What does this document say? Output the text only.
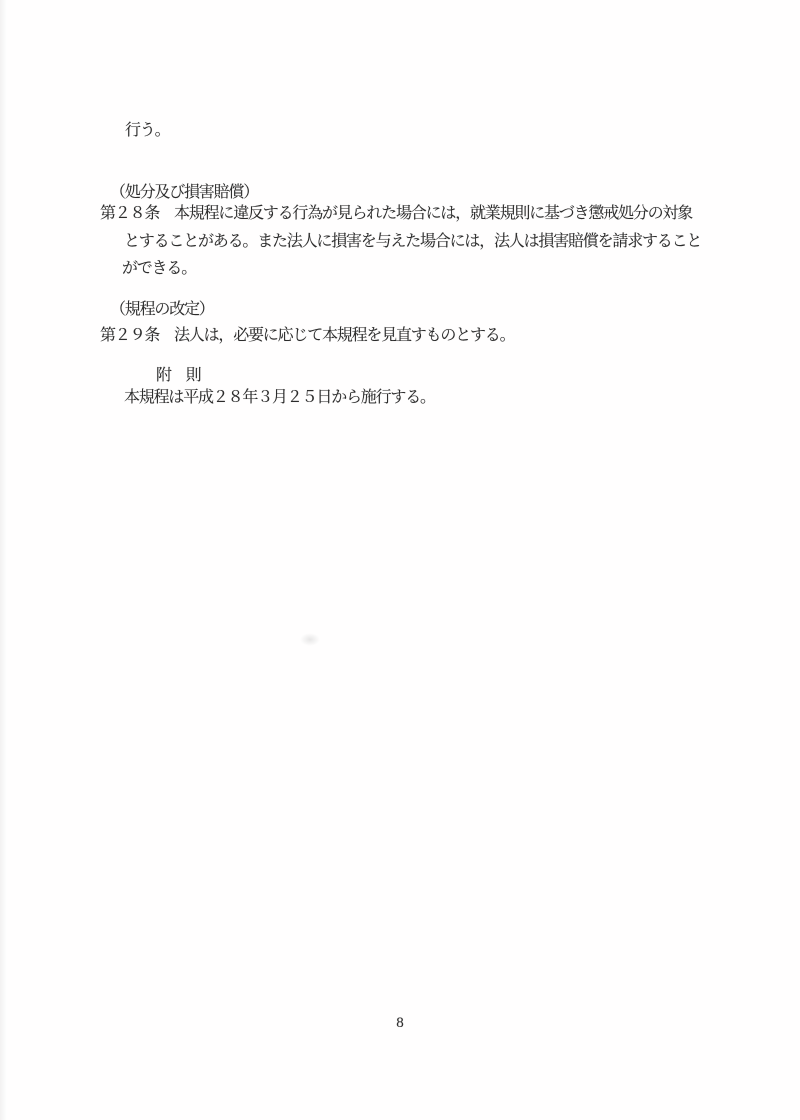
行う。
（処分及び損害賠償）
第２８条　本規程に違反する行為が見られた場合には，就業規則に基づき懲戒処分の対象
とすることがある。また法人に損害を与えた場合には，法人は損害賠償を請求すること
ができる。
（規程の改定）
第２９条　法人は，必要に応じて本規程を見直すものとする。
附　則
本規程は平成２８年３月２５日から施行する。
8
